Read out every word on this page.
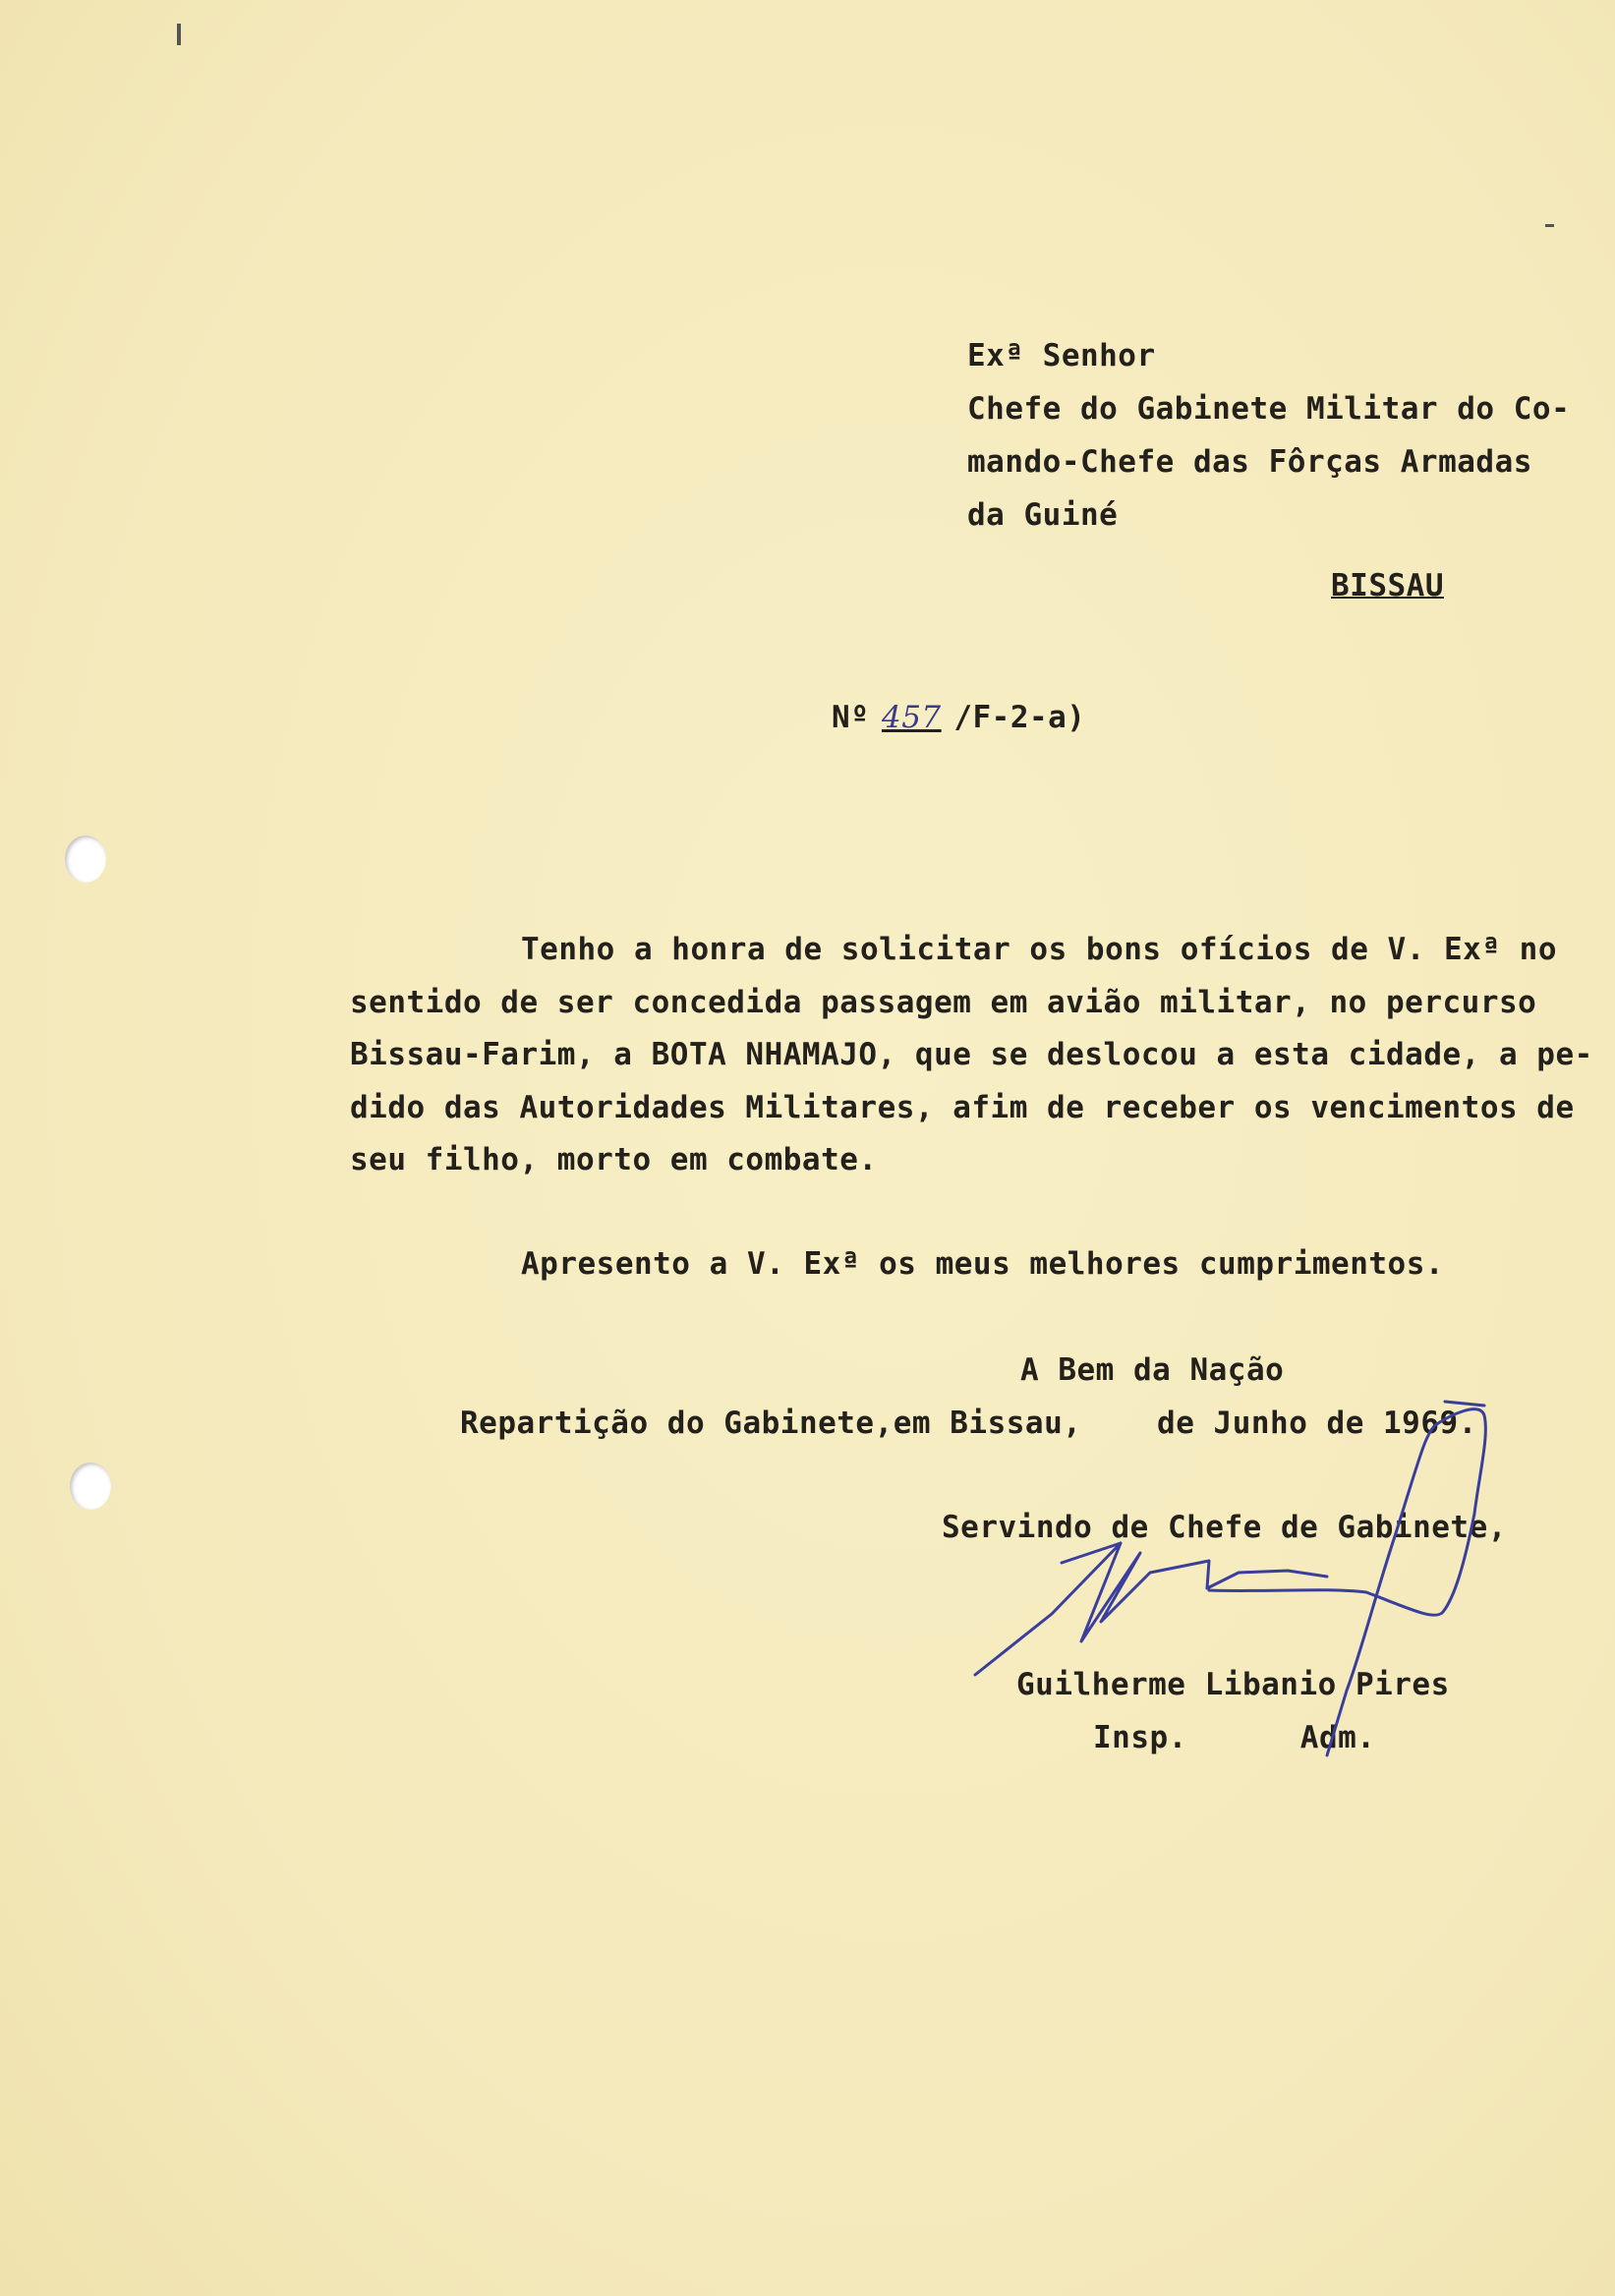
Exª Senhor

Chefe do Gabinete Militar do Co-

mando-Chefe das Fôrças Armadas

da Guiné

BISSAU

Nº 457 /F-2-a)

Tenho a honra de solicitar os bons ofícios de V. Exª no

sentido de ser concedida passagem em avião militar, no percurso

Bissau-Farim, a BOTA NHAMAJO, que se deslocou a esta cidade, a pe-

dido das Autoridades Militares, afim de receber os vencimentos de

seu filho, morto em combate.

Apresento a V. Exª os meus melhores cumprimentos.

A Bem da Nação

Repartição do Gabinete,em Bissau,    de Junho de 1969.

Servindo de Chefe de Gabinete,

Guilherme Libanio Pires

Insp.      Adm.
